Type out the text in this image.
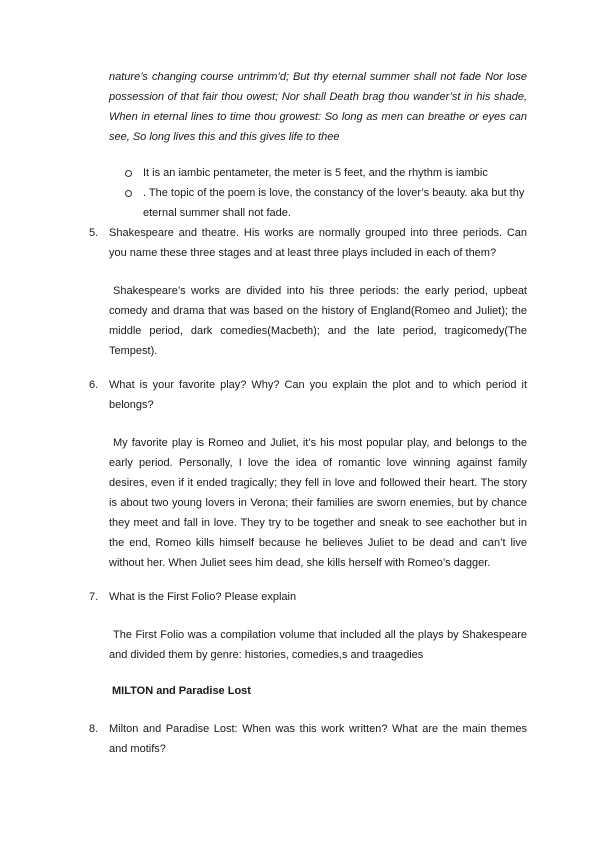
nature’s changing course untrimm’d; But thy eternal summer shall not fade Nor lose possession of that fair thou owest; Nor shall Death brag thou wander’st in his shade, When in eternal lines to time thou growest: So long as men can breathe or eyes can see, So long lives this and this gives life to thee

It is an iambic pentameter, the meter is 5 feet, and the rhythm is iambic
. The topic of the poem is love, the constancy of the lover’s beauty. aka but thy eternal summer shall not fade.
5. Shakespeare and theatre. His works are normally grouped into three periods. Can you name these three stages and at least three plays included in each of them?

Shakespeare’s works are divided into his three periods: the early period, upbeat comedy and drama that was based on the history of England(Romeo and Juliet); the middle period, dark comedies(Macbeth); and the late period, tragicomedy(The Tempest).

6. What is your favorite play? Why? Can you explain the plot and to which period it belongs?

My favorite play is Romeo and Juliet, it’s his most popular play, and belongs to the early period. Personally, I love the idea of romantic love winning against family desires, even if it ended tragically; they fell in love and followed their heart. The story is about two young lovers in Verona; their families are sworn enemies, but by chance they meet and fall in love. They try to be together and sneak to see eachother but in the end, Romeo kills himself because he believes Juliet to be dead and can’t live without her. When Juliet sees him dead, she kills herself with Romeo’s dagger.

7. What is the First Folio? Please explain

The First Folio was a compilation volume that included all the plays by Shakespeare and divided them by genre: histories, comedies,s and traagedies

MILTON and Paradise Lost

8. Milton and Paradise Lost: When was this work written? What are the main themes and motifs?
